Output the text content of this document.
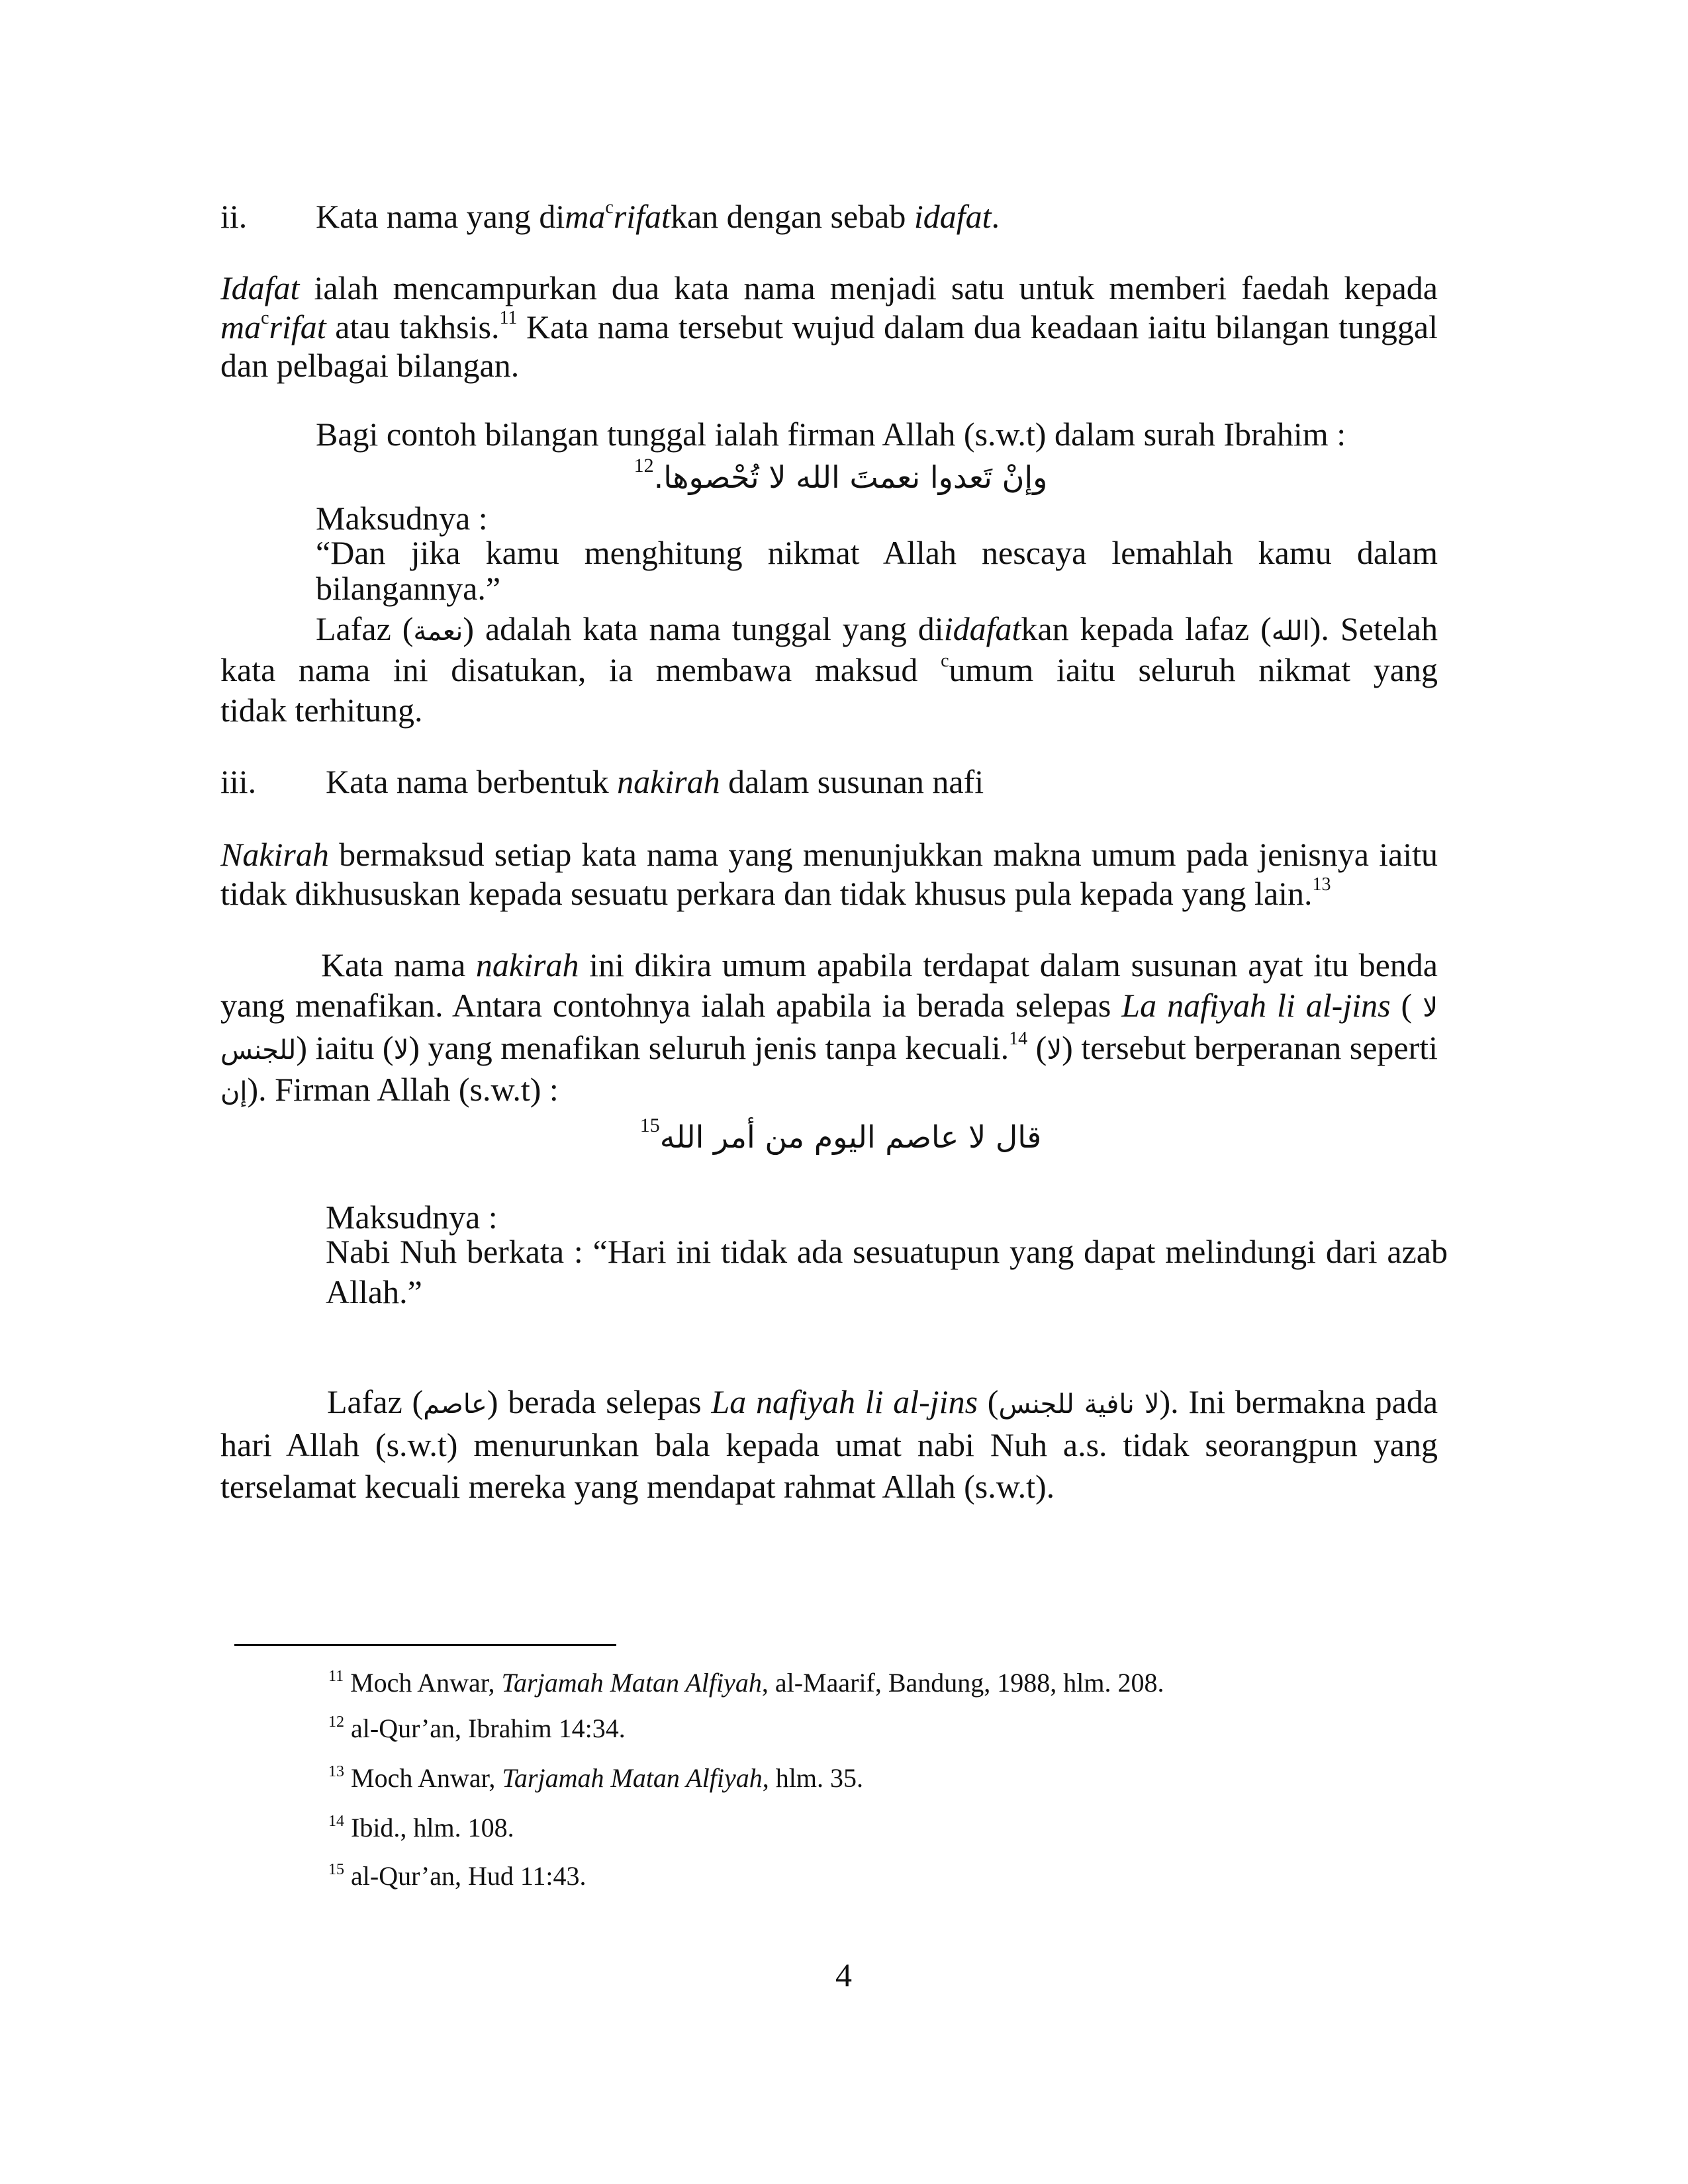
ii. Kata nama yang dima$^c$rifatkan dengan sebab idafat.
Idafat ialah mencampurkan dua kata nama menjadi satu untuk memberi faedah kepada
$ma^crifat$ atau takhsis.$^{11}$ Kata nama tersebut wujud dalam dua keadaan iaitu bilangan tunggal
dan pelbagai bilangan.
Bagi contoh bilangan tunggal ialah firman Allah (s.w.t) dalam surah Ibrahim :
$^{12}$وإنْ تَعدوا نعمتَ الله لا تُحْصوها.
Maksudnya :
“Dan jika kamu menghitung nikmat Allah nescaya lemahlah kamu dalam
bilangannya.”
Lafaz (نعمة) adalah kata nama tunggal yang diidafatkan kepada lafaz (الله). Setelah
kata nama ini disatukan, ia membawa maksud $^c$umum iaitu seluruh nikmat yang
tidak terhitung.
iii. Kata nama berbentuk nakirah dalam susunan nafi
Nakirah bermaksud setiap kata nama yang menunjukkan makna umum pada jenisnya iaitu
tidak dikhususkan kepada sesuatu perkara dan tidak khusus pula kepada yang lain.$^{13}$
Kata nama nakirah ini dikira umum apabila terdapat dalam susunan ayat itu benda
yang menafikan. Antara contohnya ialah apabila ia berada selepas La nafiyah li al-jins ( لا
للجنس) iaitu (لا) yang menafikan seluruh jenis tanpa kecuali.$^{14}$ (لا) tersebut berperanan seperti
إن). Firman Allah (s.w.t) :
$^{15}$قال لا عاصم اليوم من أمر الله
Maksudnya :
Nabi Nuh berkata : “Hari ini tidak ada sesuatupun yang dapat melindungi dari azab
Allah.”
Lafaz (عاصم) berada selepas La nafiyah li al-jins (لا نافية للجنس). Ini bermakna pada
hari Allah (s.w.t) menurunkan bala kepada umat nabi Nuh a.s. tidak seorangpun yang
terselamat kecuali mereka yang mendapat rahmat Allah (s.w.t).
$^{11}$ Moch Anwar, Tarjamah Matan Alfiyah, al-Maarif, Bandung, 1988, hlm. 208.
$^{12}$ al-Qur’an, Ibrahim 14:34.
$^{13}$ Moch Anwar, Tarjamah Matan Alfiyah, hlm. 35.
$^{14}$ Ibid., hlm. 108.
$^{15}$ al-Qur’an, Hud 11:43.
4
